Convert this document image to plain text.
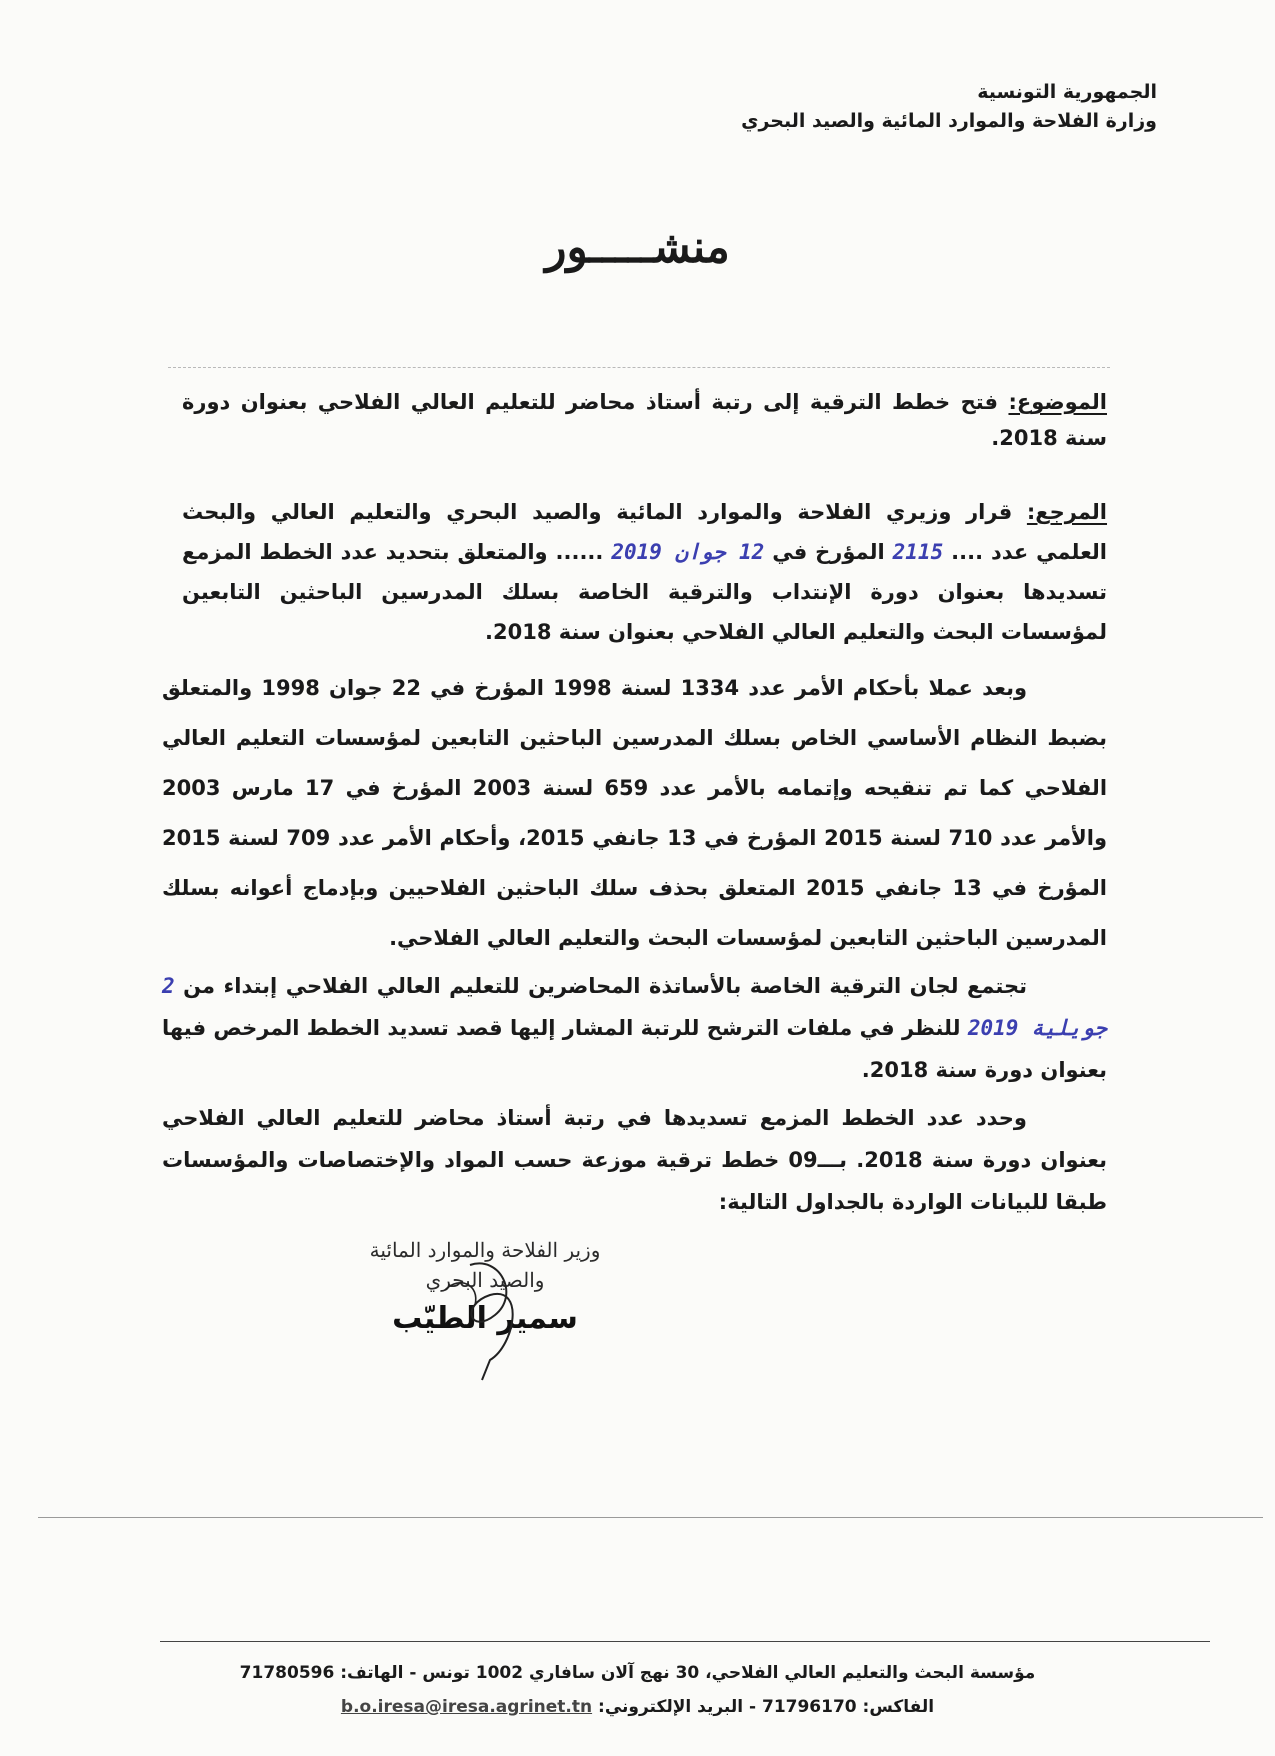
الجمهورية التونسية
وزارة الفلاحة والموارد المائية والصيد البحري
منشـــــور
الموضوع: فتح خطط الترقية إلى رتبة أستاذ محاضر للتعليم العالي الفلاحي بعنوان دورة سنة 2018.
المرجع: قرار وزيري الفلاحة والموارد المائية والصيد البحري والتعليم العالي والبحث العلمي عدد .... 2115 المؤرخ في 12 جوان 2019 ...... والمتعلق بتحديد عدد الخطط المزمع تسديدها بعنوان دورة الإنتداب والترقية الخاصة بسلك المدرسين الباحثين التابعين لمؤسسات البحث والتعليم العالي الفلاحي بعنوان سنة 2018.
وبعد عملا بأحكام الأمر عدد 1334 لسنة 1998 المؤرخ في 22 جوان 1998 والمتعلق بضبط النظام الأساسي الخاص بسلك المدرسين الباحثين التابعين لمؤسسات التعليم العالي الفلاحي كما تم تنقيحه وإتمامه بالأمر عدد 659 لسنة 2003 المؤرخ في 17 مارس 2003 والأمر عدد 710 لسنة 2015 المؤرخ في 13 جانفي 2015، وأحكام الأمر عدد 709 لسنة 2015 المؤرخ في 13 جانفي 2015 المتعلق بحذف سلك الباحثين الفلاحيين وبإدماج أعوانه بسلك المدرسين الباحثين التابعين لمؤسسات البحث والتعليم العالي الفلاحي.
تجتمع لجان الترقية الخاصة بالأساتذة المحاضرين للتعليم العالي الفلاحي إبتداء من 2 جويلية 2019 للنظر في ملفات الترشح للرتبة المشار إليها قصد تسديد الخطط المرخص فيها بعنوان دورة سنة 2018.
وحدد عدد الخطط المزمع تسديدها في رتبة أستاذ محاضر للتعليم العالي الفلاحي بعنوان دورة سنة 2018. بـــ09 خطط ترقية موزعة حسب المواد والإختصاصات والمؤسسات طبقا للبيانات الواردة بالجداول التالية:
وزير الفلاحة والموارد المائية
والصيد البحري
سمير الطيّب
مؤسسة البحث والتعليم العالي الفلاحي، 30 نهج آلان سافاري 1002 تونس - الهاتف: 71780596
الفاكس: 71796170 - البريد الإلكتروني: b.o.iresa@iresa.agrinet.tn
